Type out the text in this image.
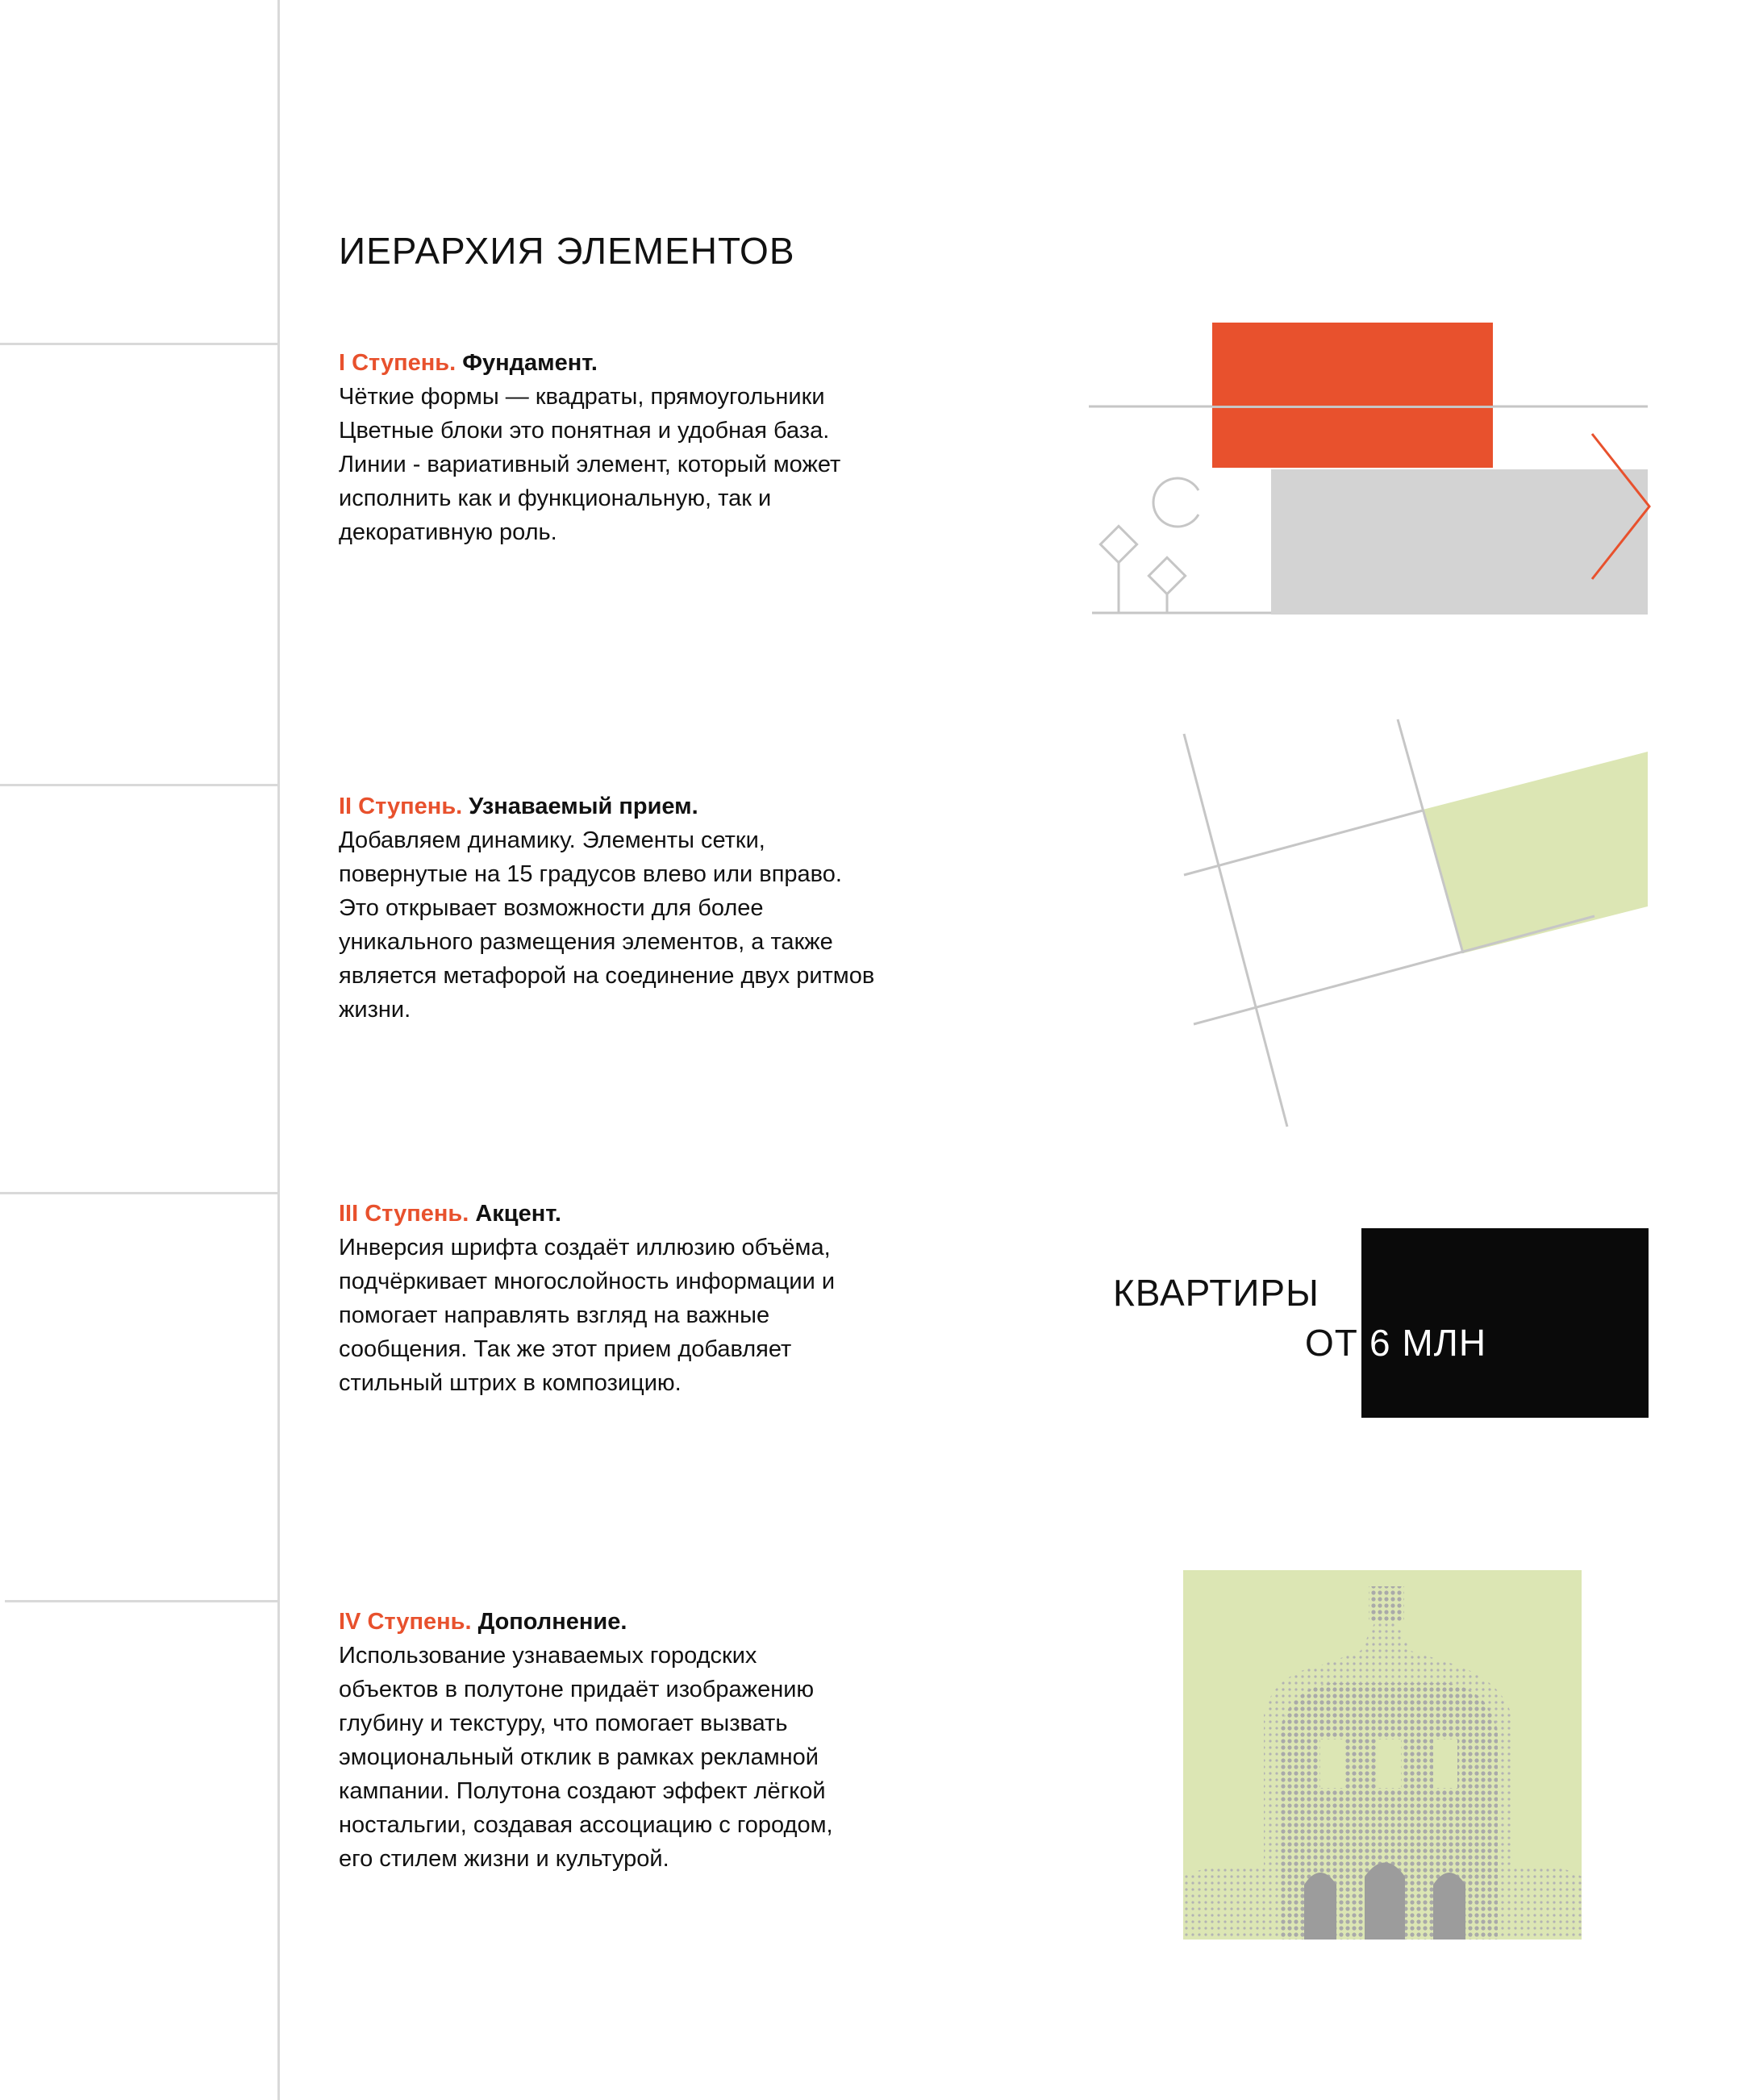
ИЕРАРХИЯ ЭЛЕМЕНТОВ

I Ступень. Фундамент.

Чёткие формы — квадраты, прямоугольники

Цветные блоки это понятная и удобная база.

Линии - вариативный элемент, который может

исполнить как и функциональную, так и

декоративную роль.

II Ступень. Узнаваемый прием.

Добавляем динамику. Элементы сетки,

повернутые на 15 градусов влево или вправо.

Это открывает возможности для более

уникального размещения элементов, а также

является метафорой на соединение двух ритмов

жизни.

III Ступень. Акцент.

Инверсия шрифта создаёт иллюзию объёма,

подчёркивает многослойность информации и

помогает направлять взгляд на важные

сообщения. Так же этот прием добавляет

стильный штрих в композицию.

IV Ступень. Дополнение.

Использование узнаваемых городских

объектов в полутоне придаёт изображению

глубину и текстуру, что помогает вызвать

эмоциональный отклик в рамках рекламной

кампании. Полутона создают эффект лёгкой

ностальгии, создавая ассоциацию с городом,

его стилем жизни и культурой.

КВАРТИРЫ
ОТ 6 МЛН
